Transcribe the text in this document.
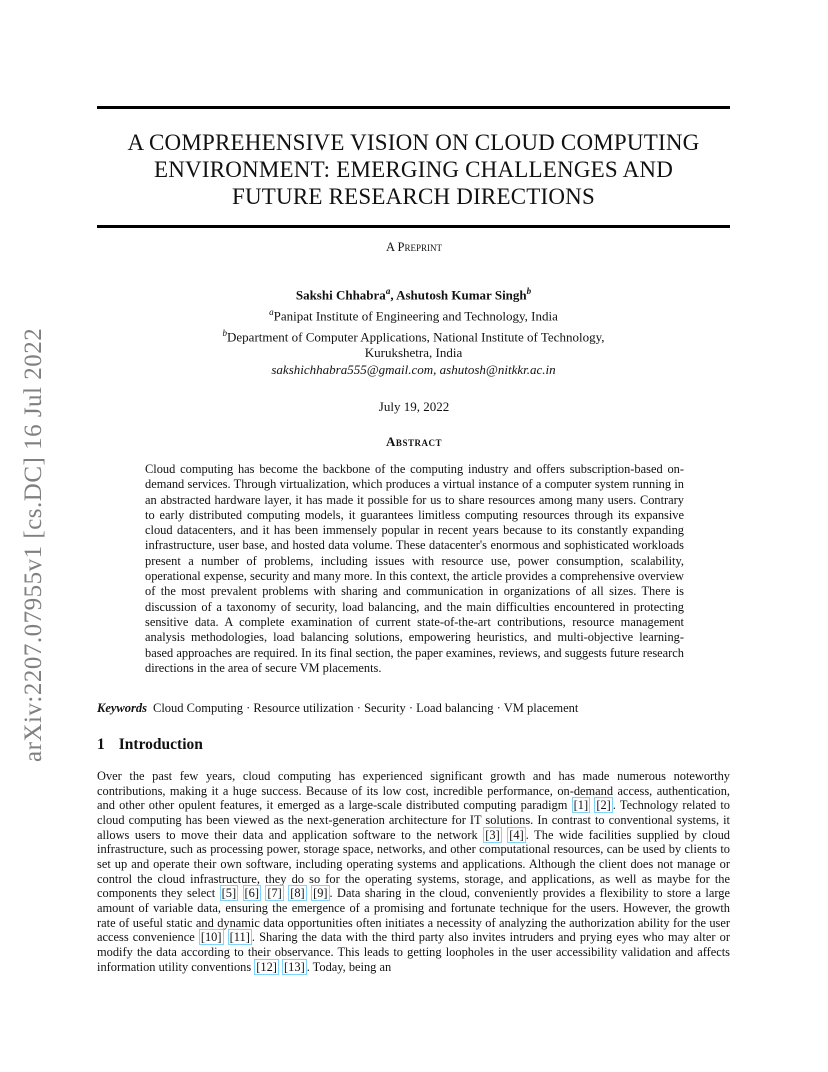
arXiv:2207.07955v1 [cs.DC] 16 Jul 2022
A COMPREHENSIVE VISION ON CLOUD COMPUTING
ENVIRONMENT: EMERGING CHALLENGES AND
FUTURE RESEARCH DIRECTIONS
A Preprint
Sakshi Chhabra$^a$, Ashutosh Kumar Singh$^b$
$^a$Panipat Institute of Engineering and Technology, India
$^b$Department of Computer Applications, National Institute of Technology,
Kurukshetra, India
sakshichhabra555@gmail.com, ashutosh@nitkkr.ac.in
July 19, 2022
Abstract
Cloud computing has become the backbone of the computing industry and offers subscription-based on-demand services. Through virtualization, which produces a virtual instance of a computer system running in an abstracted hardware layer, it has made it possible for us to share resources among many users. Contrary to early distributed computing models, it guarantees limitless computing resources through its expansive cloud datacenters, and it has been immensely popular in recent years because to its constantly expanding infrastructure, user base, and hosted data volume. These datacenter's enormous and sophisticated workloads present a number of problems, including issues with resource use, power consumption, scalability, operational expense, security and many more. In this context, the article provides a comprehensive overview of the most prevalent problems with sharing and communication in organizations of all sizes. There is discussion of a taxonomy of security, load balancing, and the main difficulties encountered in protecting sensitive data. A complete examination of current state-of-the-art contributions, resource management analysis methodologies, load balancing solutions, empowering heuristics, and multi-objective learning-based approaches are required. In its final section, the paper examines, reviews, and suggests future research directions in the area of secure VM placements.
Keywords Cloud Computing · Resource utilization · Security · Load balancing · VM placement
1 Introduction
Over the past few years, cloud computing has experienced significant growth and has made numerous noteworthy contributions, making it a huge success. Because of its low cost, incredible performance, on-demand access, authentication, and other other opulent features, it emerged as a large-scale distributed computing paradigm [1] [2] . Technology related to cloud computing has been viewed as the next-generation architecture for IT solutions. In contrast to conventional systems, it allows users to move their data and application software to the network [3] [4] . The wide facilities supplied by cloud infrastructure, such as processing power, storage space, networks, and other computational resources, can be used by clients to set up and operate their own software, including operating systems and applications. Although the client does not manage or control the cloud infrastructure, they do so for the operating systems, storage, and applications, as well as maybe for the components they select [5] [6] [7] [8] [9] . Data sharing in the cloud, conveniently provides a flexibility to store a large amount of variable data, ensuring the emergence of a promising and fortunate technique for the users. However, the growth rate of useful static and dynamic data opportunities often initiates a necessity of analyzing the authorization ability for the user access convenience [10] [11] . Sharing the data with the third party also invites intruders and prying eyes who may alter or modify the data according to their observance. This leads to getting loopholes in the user accessibility validation and affects information utility conventions [12] [13] . Today, being an
